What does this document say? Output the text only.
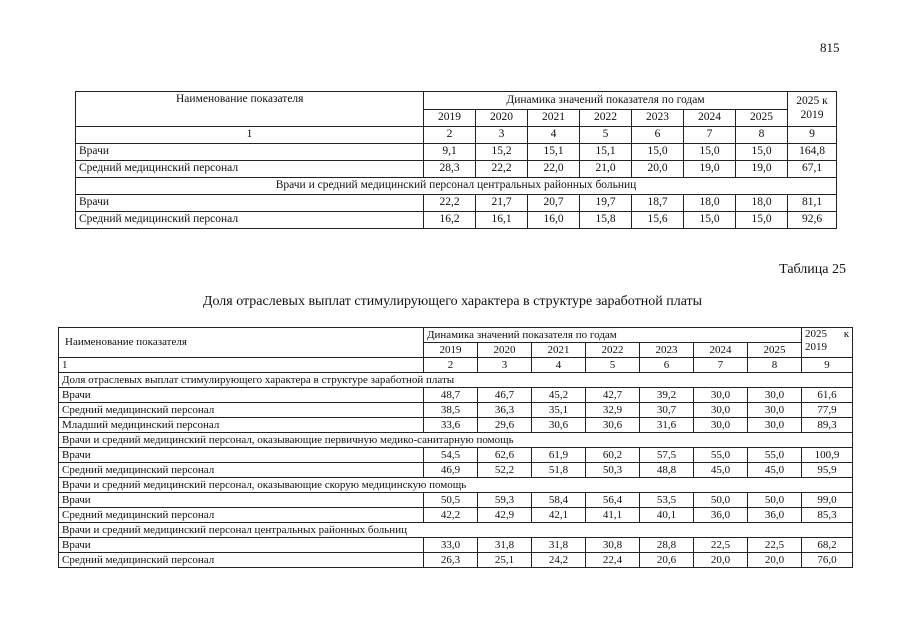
815
Наименование показателя	Динамика значений показателя по годам							2025 к
2019
	2019	2020	2021	2022	2023	2024	2025	
1	2	3	4	5	6	7	8	9
Врачи	9,1	15,2	15,1	15,1	15,0	15,0	15,0	164,8
Средний медицинский персонал	28,3	22,2	22,0	21,0	20,0	19,0	19,0	67,1
Врачи и средний медицинский персонал центральных районных больниц								
Врачи	22,2	21,7	20,7	19,7	18,7	18,0	18,0	81,1
Средний медицинский персонал	16,2	16,1	16,0	15,8	15,6	15,0	15,0	92,6
Таблица 25
Доля отраслевых выплат стимулирующего характера в структуре заработной платы
Наименование показателя	Динамика значений показателя по годам							2025 к

2019
	2019	2020	2021	2022	2023	2024	2025	
1	2	3	4	5	6	7	8	9
Доля отраслевых выплат стимулирующего характера в структуре заработной платы								
Врачи	48,7	46,7	45,2	42,7	39,2	30,0	30,0	61,6
Средний медицинский персонал	38,5	36,3	35,1	32,9	30,7	30,0	30,0	77,9
Младший медицинский персонал	33,6	29,6	30,6	30,6	31,6	30,0	30,0	89,3
Врачи и средний медицинский персонал, оказывающие первичную медико-санитарную помощь								
Врачи	54,5	62,6	61,9	60,2	57,5	55,0	55,0	100,9
Средний медицинский персонал	46,9	52,2	51,8	50,3	48,8	45,0	45,0	95,9
Врачи и средний медицинский персонал, оказывающие скорую медицинскую помощь								
Врачи	50,5	59,3	58,4	56,4	53,5	50,0	50,0	99,0
Средний медицинский персонал	42,2	42,9	42,1	41,1	40,1	36,0	36,0	85,3
Врачи и средний медицинский персонал центральных районных больниц								
Врачи	33,0	31,8	31,8	30,8	28,8	22,5	22,5	68,2
Средний медицинский персонал	26,3	25,1	24,2	22,4	20,6	20,0	20,0	76,0
